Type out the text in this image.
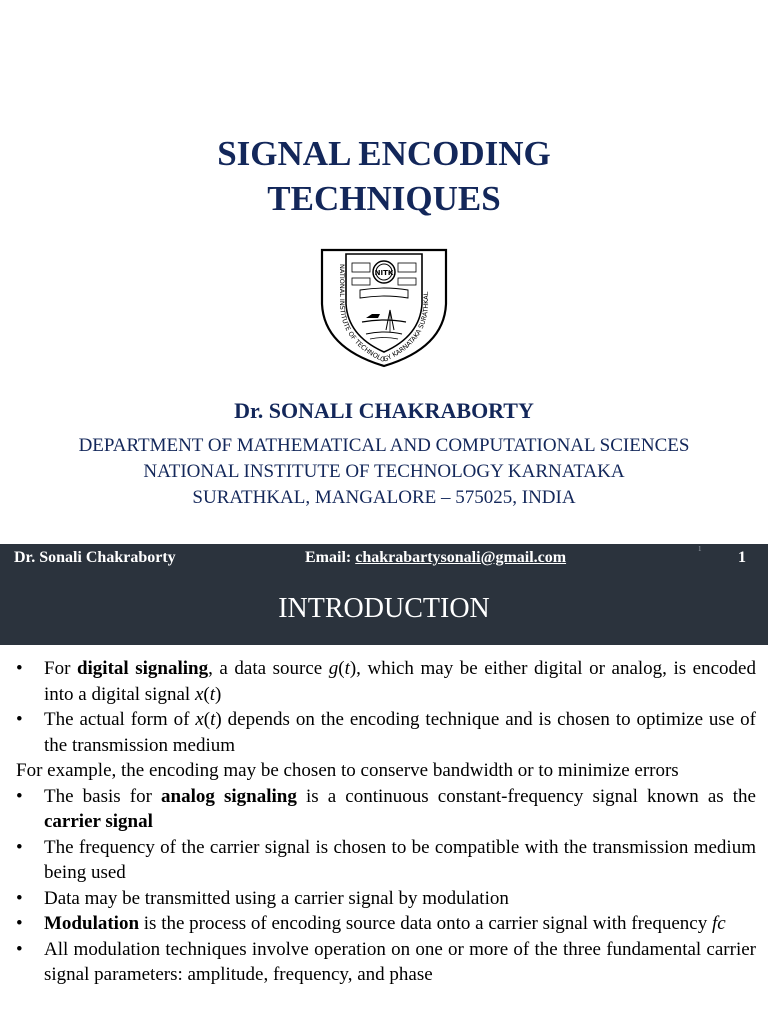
SIGNAL ENCODING
TECHNIQUES
NATIONAL INSTITUTE OF TECHNOLOGY KARNATAKA SURATHKAL
NITK
Dr. SONALI CHAKRABORTY
DEPARTMENT OF MATHEMATICAL AND COMPUTATIONAL SCIENCES
NATIONAL INSTITUTE OF TECHNOLOGY KARNATAKA
SURATHKAL, MANGALORE – 575025, INDIA
Dr. Sonali Chakraborty	Email: chakrabartysonali@gmail.com	1 1
INTRODUCTION
• For digital signaling, a data source g(t), which may be either digital or analog, is encoded into a digital signal x(t)
• The actual form of x(t) depends on the encoding technique and is chosen to optimize use of the transmission medium
For example, the encoding may be chosen to conserve bandwidth or to minimize errors
• The basis for analog signaling is a continuous constant-frequency signal known as the carrier signal
• The frequency of the carrier signal is chosen to be compatible with the transmission medium being used
• Data may be transmitted using a carrier signal by modulation
• Modulation is the process of encoding source data onto a carrier signal with frequency fc
• All modulation techniques involve operation on one or more of the three fundamental carrier signal parameters: amplitude, frequency, and phase
